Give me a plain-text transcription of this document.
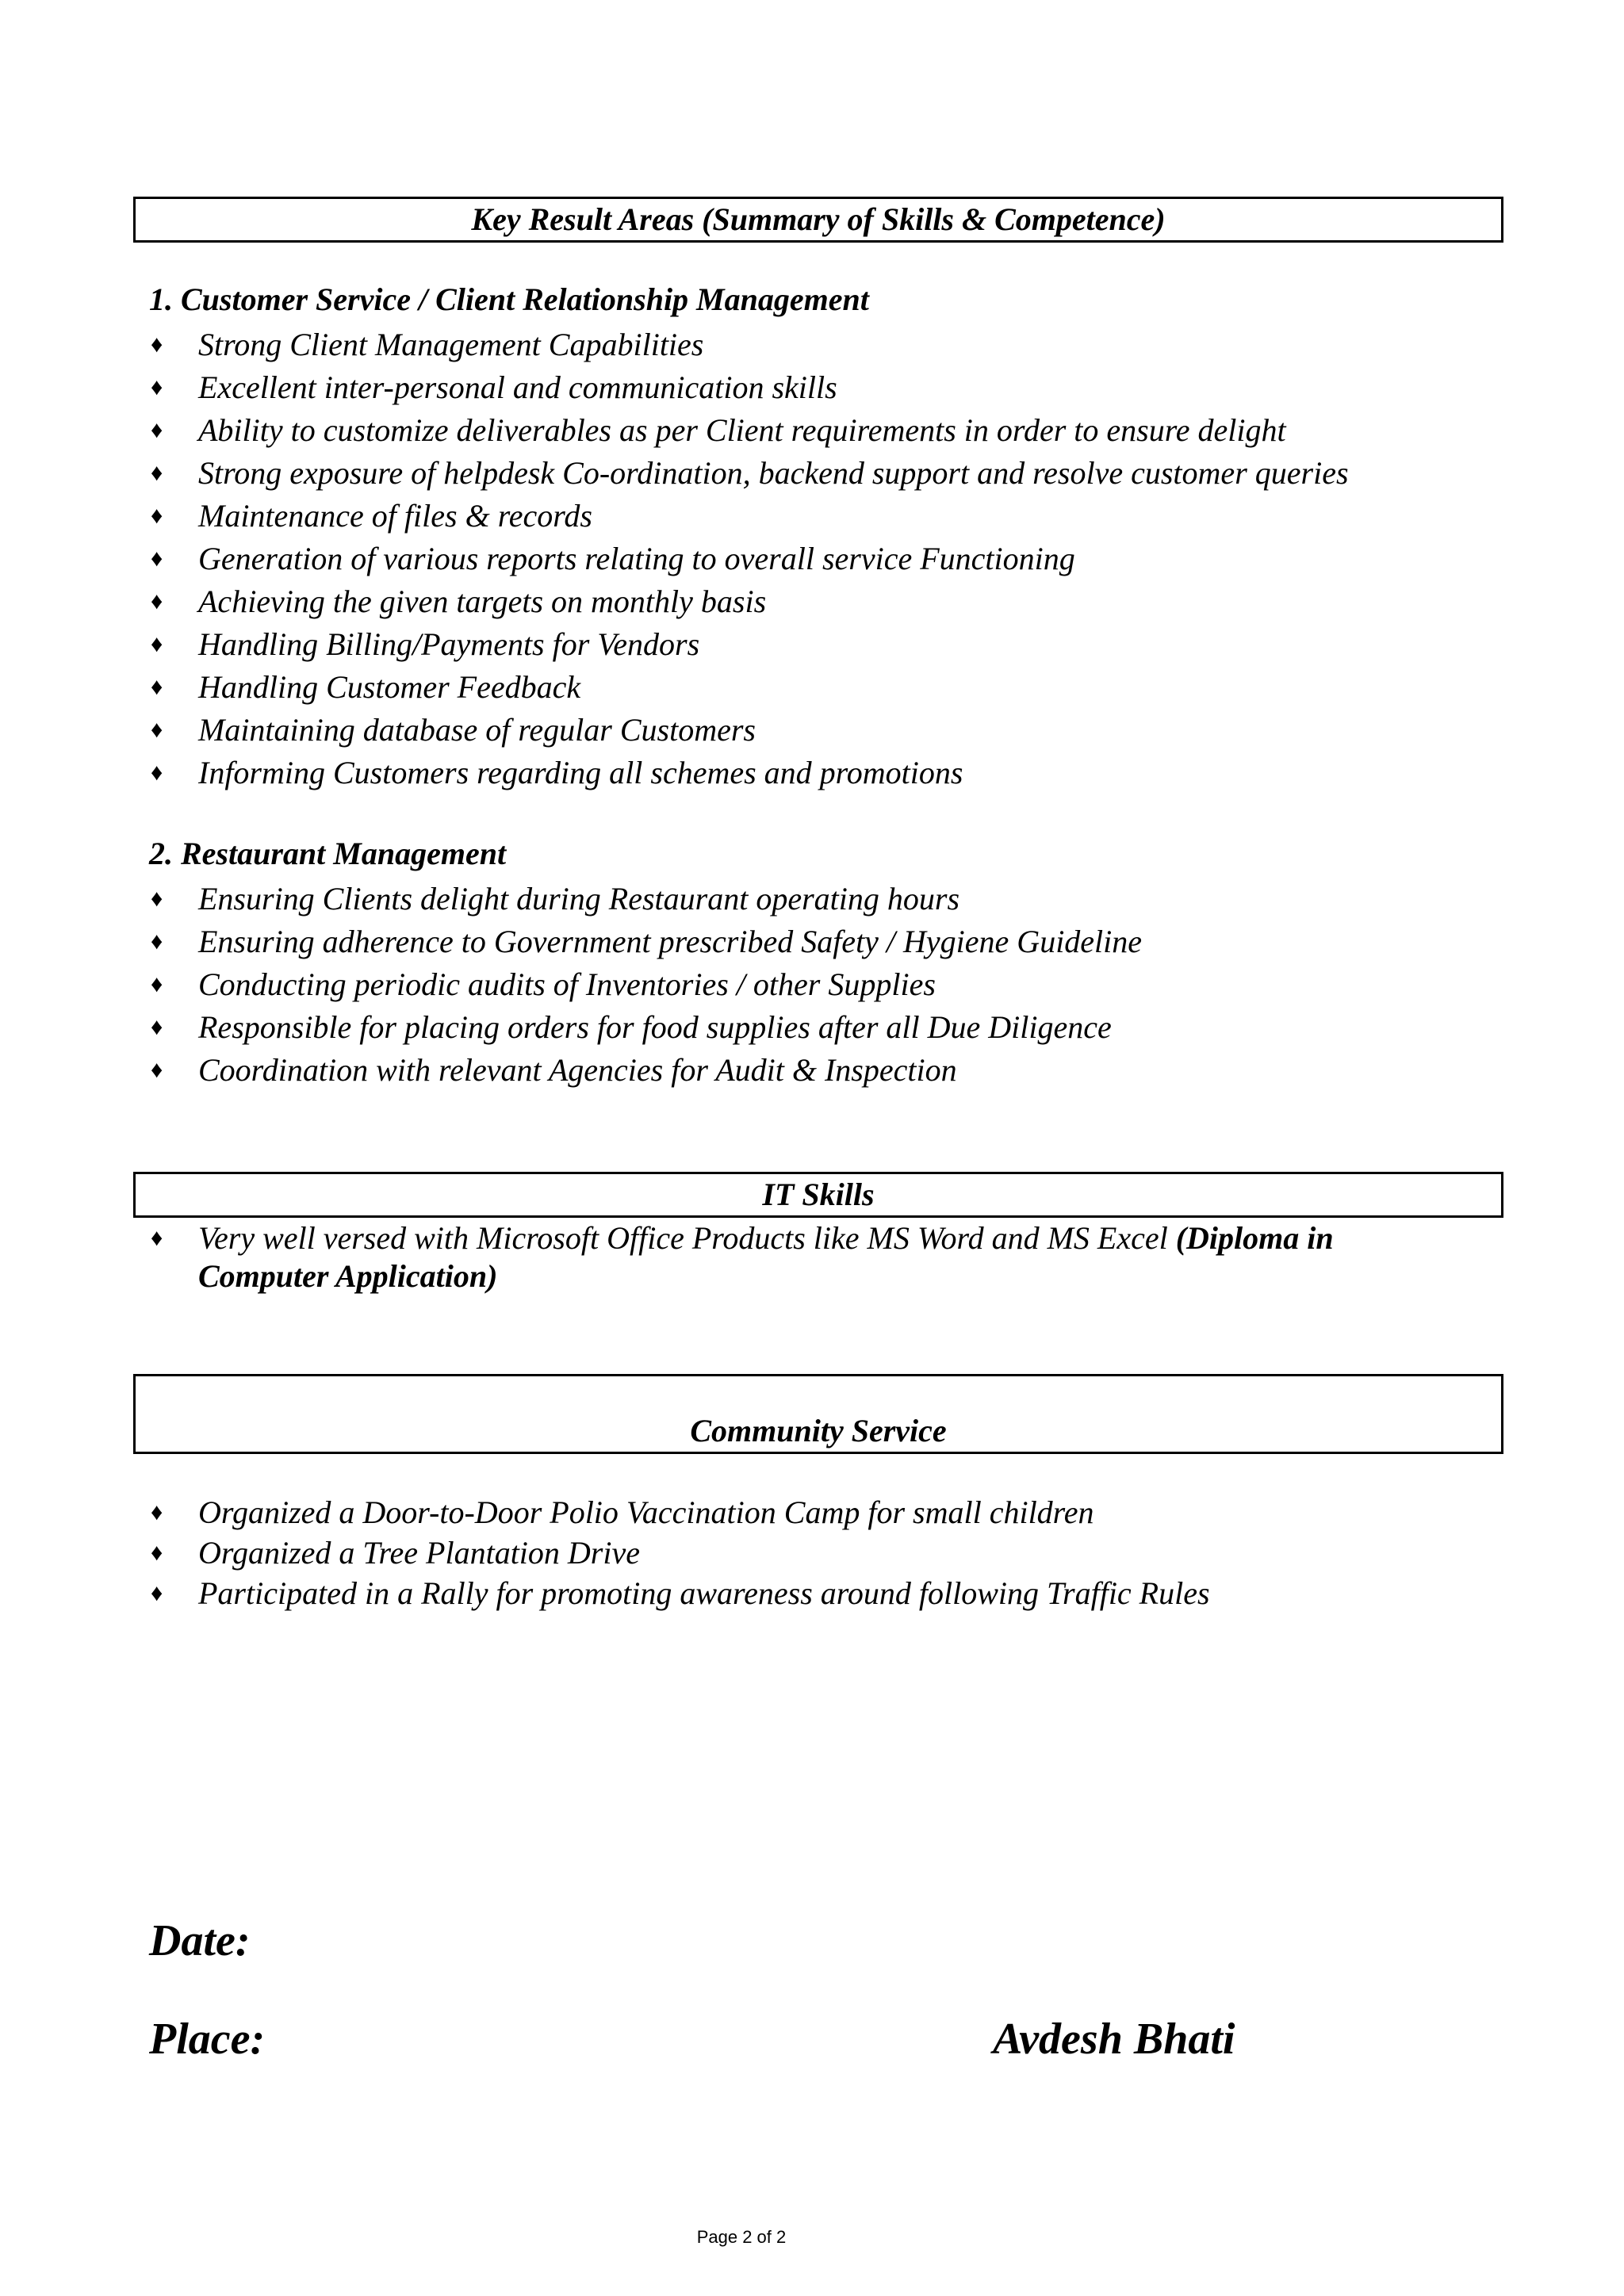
Key Result Areas (Summary of Skills & Competence)
1. Customer Service / Client Relationship Management
♦ Strong Client Management Capabilities
♦ Excellent inter-personal and communication skills
♦ Ability to customize deliverables as per Client requirements in order to ensure delight
♦ Strong exposure of helpdesk Co-ordination, backend support and resolve customer queries
♦ Maintenance of files & records
♦ Generation of various reports relating to overall service Functioning
♦ Achieving the given targets on monthly basis
♦ Handling Billing/Payments for Vendors
♦ Handling Customer Feedback
♦ Maintaining database of regular Customers
♦ Informing Customers regarding all schemes and promotions
2. Restaurant Management
♦ Ensuring Clients delight during Restaurant operating hours
♦ Ensuring adherence to Government prescribed Safety / Hygiene Guideline
♦ Conducting periodic audits of Inventories / other Supplies
♦ Responsible for placing orders for food supplies after all Due Diligence
♦ Coordination with relevant Agencies for Audit & Inspection
IT Skills
♦	Very well versed with Microsoft Office Products like MS Word and MS Excel (Diploma in
Computer Application)
Community Service
♦ Organized a Door-to-Door Polio Vaccination Camp for small children
♦ Organized a Tree Plantation Drive
♦ Participated in a Rally for promoting awareness around following Traffic Rules
Date:
Place:	Avdesh Bhati
Page 2 of 2
